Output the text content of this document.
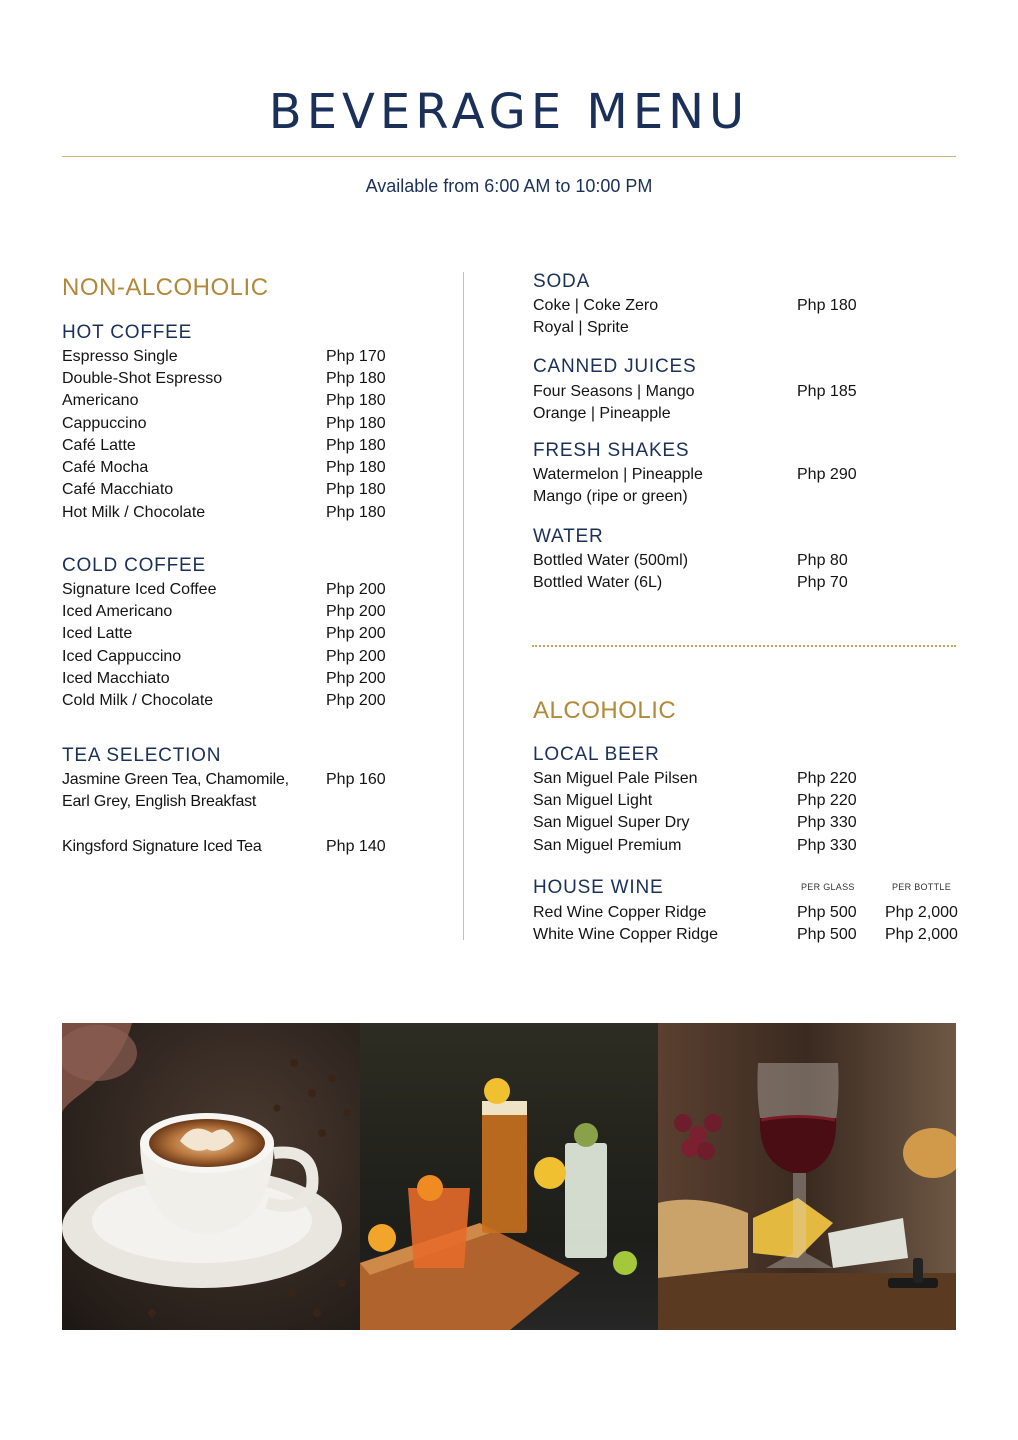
BEVERAGE MENU
Available from 6:00 AM to 10:00 PM
NON-ALCOHOLIC
HOT COFFEE
Espresso Single	Php 170
Double-Shot Espresso	Php 180
Americano	Php 180
Cappuccino	Php 180
Café Latte	Php 180
Café Mocha	Php 180
Café Macchiato	Php 180
Hot Milk / Chocolate	Php 180
COLD COFFEE
Signature Iced Coffee	Php 200
Iced Americano	Php 200
Iced Latte	Php 200
Iced Cappuccino	Php 200
Iced Macchiato	Php 200
Cold Milk / Chocolate	Php 200
TEA SELECTION
Jasmine Green Tea, Chamomile, Php 160
Earl Grey, English Breakfast
Kingsford Signature Iced Tea	Php 140
SODA
Coke | Coke Zero	Php 180
Royal | Sprite
CANNED JUICES
Four Seasons | Mango	Php 185
Orange | Pineapple
FRESH SHAKES
Watermelon | Pineapple	Php 290
Mango (ripe or green)
WATER
Bottled Water (500ml)	Php 80
Bottled Water (6L)	Php 70
ALCOHOLIC
LOCAL BEER
San Miguel Pale Pilsen	Php 220
San Miguel Light	Php 220
San Miguel Super Dry	Php 330
San Miguel Premium	Php 330
HOUSE WINE	PER GLASS	PER BOTTLE
Red Wine Copper Ridge	Php 500 Php 2,000
White Wine Copper Ridge	Php 500 Php 2,000
